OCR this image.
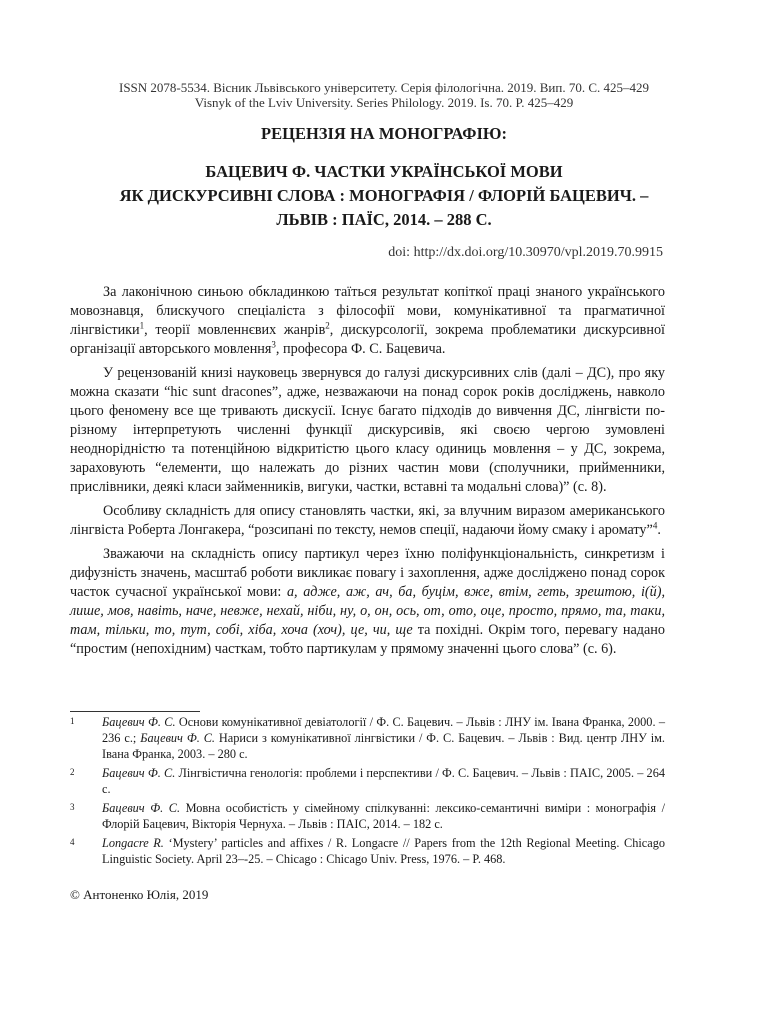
ISSN 2078-5534. Вісник Львівського університету. Серія філологічна. 2019. Вип. 70. С. 425–429
Visnyk of the Lviv University. Series Philology. 2019. Is. 70. P. 425–429
РЕЦЕНЗІЯ НА МОНОГРАФІЮ:
БАЦЕВИЧ Ф. ЧАСТКИ УКРАЇНСЬКОЇ МОВИ
ЯК ДИСКУРСИВНІ СЛОВА : МОНОГРАФІЯ / ФЛОРІЙ БАЦЕВИЧ. –
ЛЬВІВ : ПАЇС, 2014. – 288 С.
doi: http://dx.doi.org/10.30970/vpl.2019.70.9915

За лаконічною синьою обкладинкою таїться результат копіткої праці знаного українського мовознавця, блискучого спеціаліста з філософії мови, комунікативної та прагматичної лінгвістики$^1$, теорії мовленнєвих жанрів$^2$, дискурсології, зокрема проблематики дискурсивної організації авторського мовлення$^3$, професора Ф. С. Бацевича.

У рецензованій книзі науковець звернувся до галузі дискурсивних слів (далі – ДС), про яку можна сказати “hic sunt dracones”, адже, незважаючи на понад сорок років досліджень, навколо цього феномену все ще тривають дискусії. Існує багато підходів до вивчення ДС, лінгвісти по-різному інтерпретують численні функції дискурсивів, які своєю чергою зумовлені неоднорідністю та потенційною відкритістю цього класу одиниць мовлення – у ДС, зокрема, зараховують “елементи, що належать до різних частин мови (сполучники, прийменники, прислівники, деякі класи займенників, вигуки, частки, вставні та модальні слова)” (с. 8).

Особливу складність для опису становлять частки, які, за влучним виразом американського лінгвіста Роберта Лонгакера, “розсипані по тексту, немов спеції, надаючи йому смаку і аромату”$^4$.

Зважаючи на складність опису партикул через їхню поліфункціональність, синкретизм і дифузність значень, масштаб роботи викликає повагу і захоплення, адже досліджено понад сорок часток сучасної української мови: а, адже, аж, ач, ба, буцім, вже, втім, геть, зрештою, і(й), лише, мов, навіть, наче, невже, нехай, ніби, ну, о, он, ось, от, ото, оце, просто, прямо, та, таки, там, тільки, то, тут, собі, хіба, хоча (хоч), це, чи, ще та похідні. Окрім того, перевагу надано “простим (непохідним) часткам, тобто партикулам у прямому значенні цього слова” (с. 6).

1	Бацевич Ф. С. Основи комунікативної девіатології / Ф. С. Бацевич. – Львів : ЛНУ ім. Івана Франка, 2000. – 236 с.; Бацевич Ф. С. Нариси з комунікативної лінгвістики / Ф. С. Бацевич. – Львів : Вид. центр ЛНУ ім. Івана Франка, 2003. – 280 с.
2	Бацевич Ф. С. Лінгвістична генологія: проблеми і перспективи / Ф. С. Бацевич. – Львів : ПАІС, 2005. – 264 с.
3	Бацевич Ф. С. Мовна особистість у сімейному спілкуванні: лексико-семантичні виміри : монографія / Флорій Бацевич, Вікторія Чернуха. – Львів : ПАІС, 2014. – 182 с.
4	Longacre R. ‘Mystery’ particles and affixes / R. Longacre // Papers from the 12th Regional Meeting. Chicago Linguistic Society. April 23–-25. – Chicago : Chicago Univ. Press, 1976. – P. 468.
© Антоненко Юлія, 2019
